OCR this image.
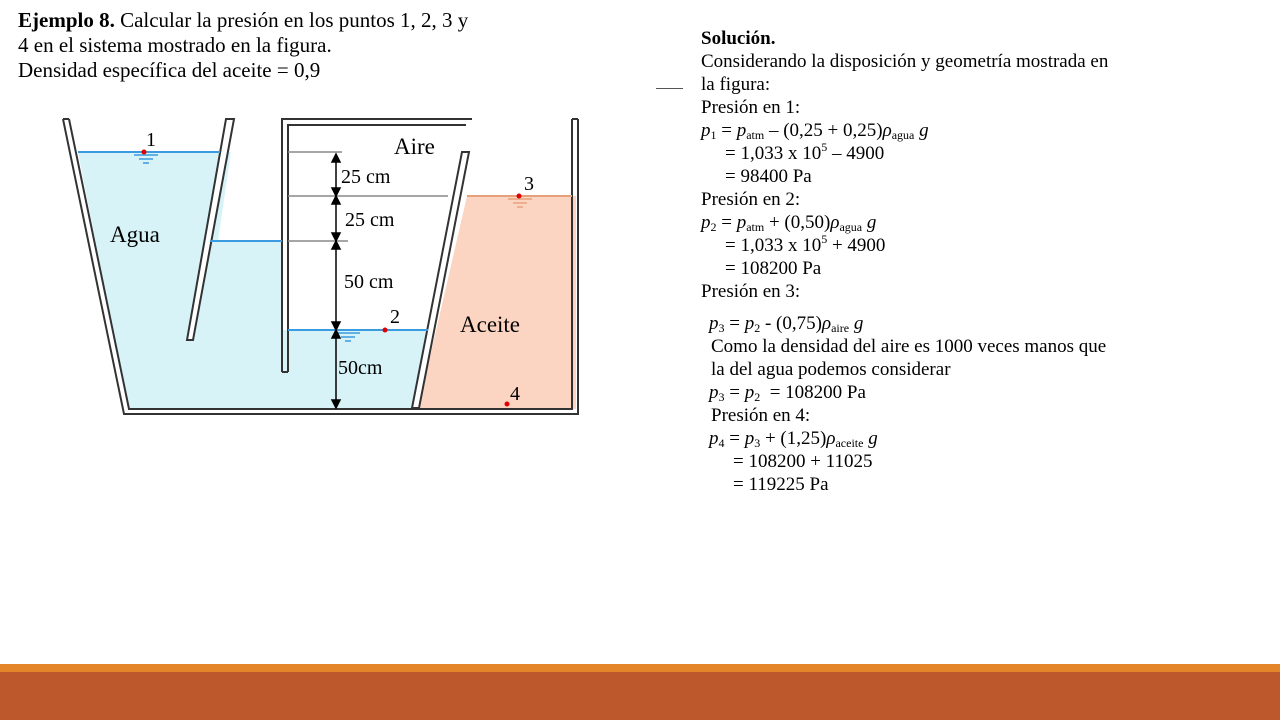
Ejemplo 8. Calcular la presión en los puntos 1, 2, 3 y
4 en el sistema mostrado en la figura.
Densidad específica del aceite = 0,9
Agua
Aire
Aceite
1
2
3
4
25 cm
25 cm
50 cm
50cm
Solución.
Considerando la disposición y geometría mostrada en
la figura:
Presión en 1:
$p_1 = p_{atm} - (0,25 + 0,25)\rho_{agua}$ g
= 1,033 x $10^5 - 4900$
= 98400 Pa
Presión en 2:
$p_2 = p_{atm} + (0,50)\rho_{agua}$ g
= 1,033 x $10^5 + 4900$
= 108200 Pa
Presión en 3:
$p_3 = p_2 - (0,75)\rho_{aire}$ g
Como la densidad del aire es 1000 veces manos que
la del agua podemos considerar
$p_3 = p_2 = 108200$ Pa
Presión en 4:
$p_4 = p_3 + (1,25)\rho_{aceite}$ g
= 108200 + 11025
= 119225 Pa
